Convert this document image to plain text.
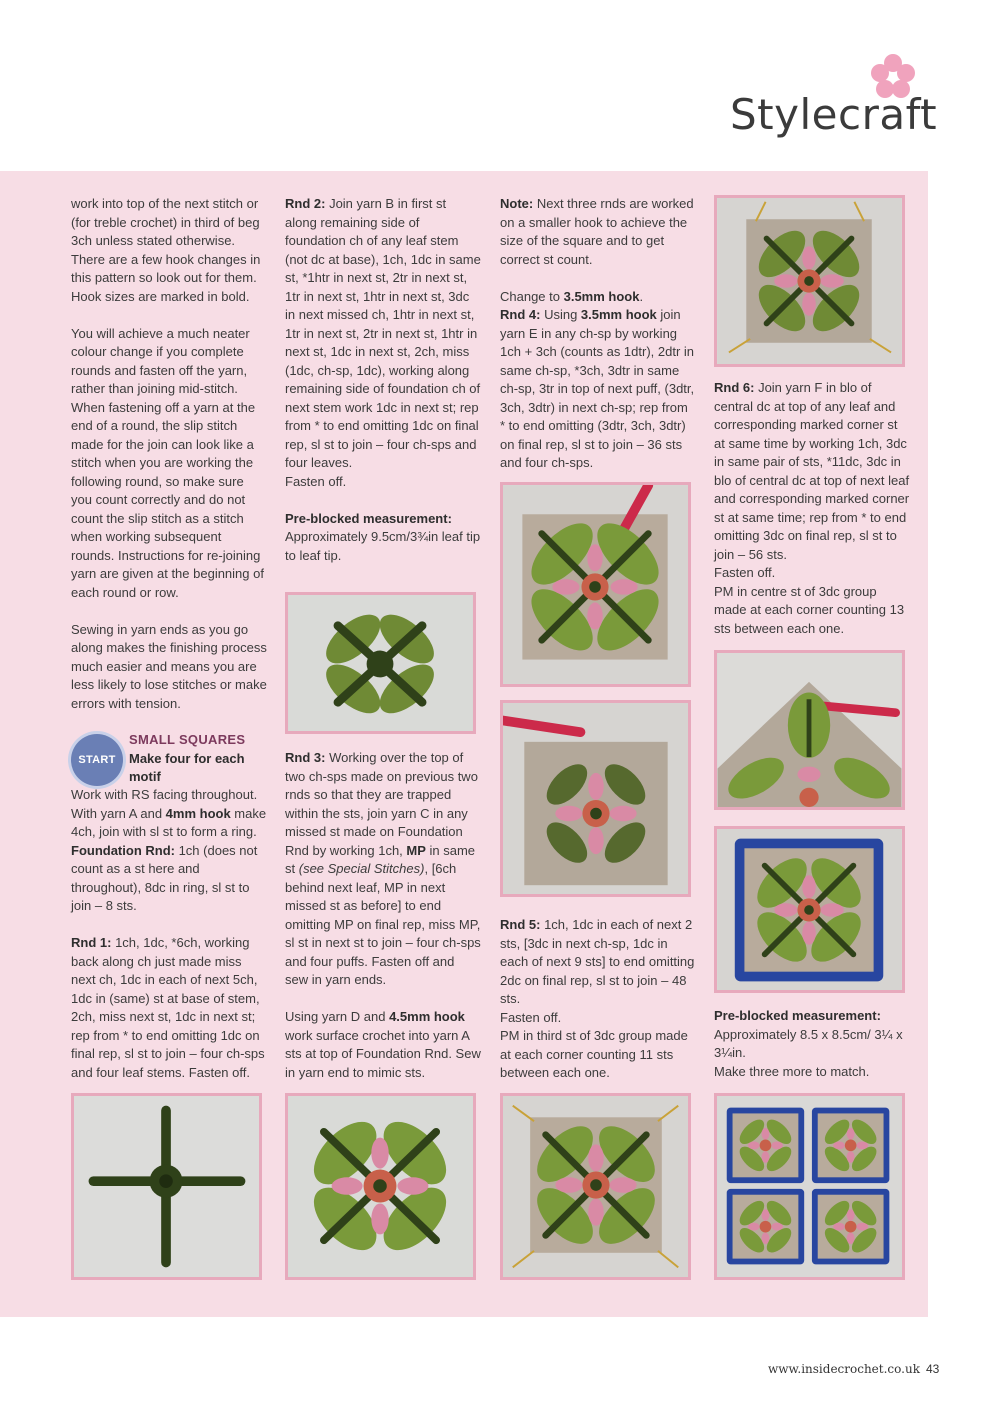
Stylecraft

work into top of the next stitch or (for treble crochet) in third of beg 3ch unless stated otherwise. There are a few hook changes in this pattern so look out for them. Hook sizes are marked in bold.

You will achieve a much neater colour change if you complete rounds and fasten off the yarn, rather than joining mid-stitch. When fastening off a yarn at the end of a round, the slip stitch made for the join can look like a stitch when you are working the following round, so make sure you count correctly and do not count the slip stitch as a stitch when working subsequent rounds. Instructions for re-joining yarn are given at the beginning of each round or row.

Sewing in yarn ends as you go along makes the finishing process much easier and means you are less likely to lose stitches or make errors with tension.

START
SMALL SQUARES
Make four for each motif

Work with RS facing throughout. With yarn A and 4mm hook make 4ch, join with sl st to form a ring.

Foundation Rnd: 1ch (does not count as a st here and throughout), 8dc in ring, sl st to join – 8 sts.

Rnd 1: 1ch, 1dc, *6ch, working back along ch just made miss next ch, 1dc in each of next 5ch, 1dc in (same) st at base of stem, 2ch, miss next st, 1dc in next st; rep from * to end omitting 1dc on final rep, sl st to join – four ch-sps and four leaf stems. Fasten off.

Rnd 2: Join yarn B in first st along remaining side of foundation ch of any leaf stem (not dc at base), 1ch, 1dc in same st, *1htr in next st, 2tr in next st, 1tr in next st, 1htr in next st, 3dc in next missed ch, 1htr in next st, 1tr in next st, 2tr in next st, 1htr in next st, 1dc in next st, 2ch, miss (1dc, ch-sp, 1dc), working along remaining side of foundation ch of next stem work 1dc in next st; rep from * to end omitting 1dc on final rep, sl st to join – four ch-sps and four leaves.

Fasten off.

Pre-blocked measurement:
Approximately 9.5cm/3¾in leaf tip to leaf tip.

Rnd 3: Working over the top of two ch-sps made on previous two rnds so that they are trapped within the sts, join yarn C in any missed st made on Foundation Rnd by working 1ch, MP in same st (see Special Stitches), [6ch behind next leaf, MP in next missed st as before] to end omitting MP on final rep, miss MP, sl st in next st to join – four ch-sps and four puffs. Fasten off and sew in yarn ends.

Using yarn D and 4.5mm hook work surface crochet into yarn A sts at top of Foundation Rnd. Sew in yarn end to mimic sts.

Note: Next three rnds are worked on a smaller hook to achieve the size of the square and to get correct st count.

Change to 3.5mm hook.

Rnd 4: Using 3.5mm hook join yarn E in any ch-sp by working 1ch + 3ch (counts as 1dtr), 2dtr in same ch-sp, *3ch, 3dtr in same ch-sp, 3tr in top of next puff, (3dtr, 3ch, 3dtr) in next ch-sp; rep from * to end omitting (3dtr, 3ch, 3dtr) on final rep, sl st to join – 36 sts and four ch-sps.

Rnd 5: 1ch, 1dc in each of next 2 sts, [3dc in next ch-sp, 1dc in each of next 9 sts] to end omitting 2dc on final rep, sl st to join – 48 sts.

Fasten off.

PM in third st of 3dc group made at each corner counting 11 sts between each one.

Rnd 6: Join yarn F in blo of central dc at top of any leaf and corresponding marked corner st at same time by working 1ch, 3dc in same pair of sts, *11dc, 3dc in blo of central dc at top of next leaf and corresponding marked corner st at same time; rep from * to end omitting 3dc on final rep, sl st to join – 56 sts.

Fasten off.

PM in centre st of 3dc group made at each corner counting 13 sts between each one.

Pre-blocked measurement:
Approximately 8.5 x 8.5cm/ 3¼ x 3¼in.

Make three more to match.

www.insidecrochet.co.uk 43
